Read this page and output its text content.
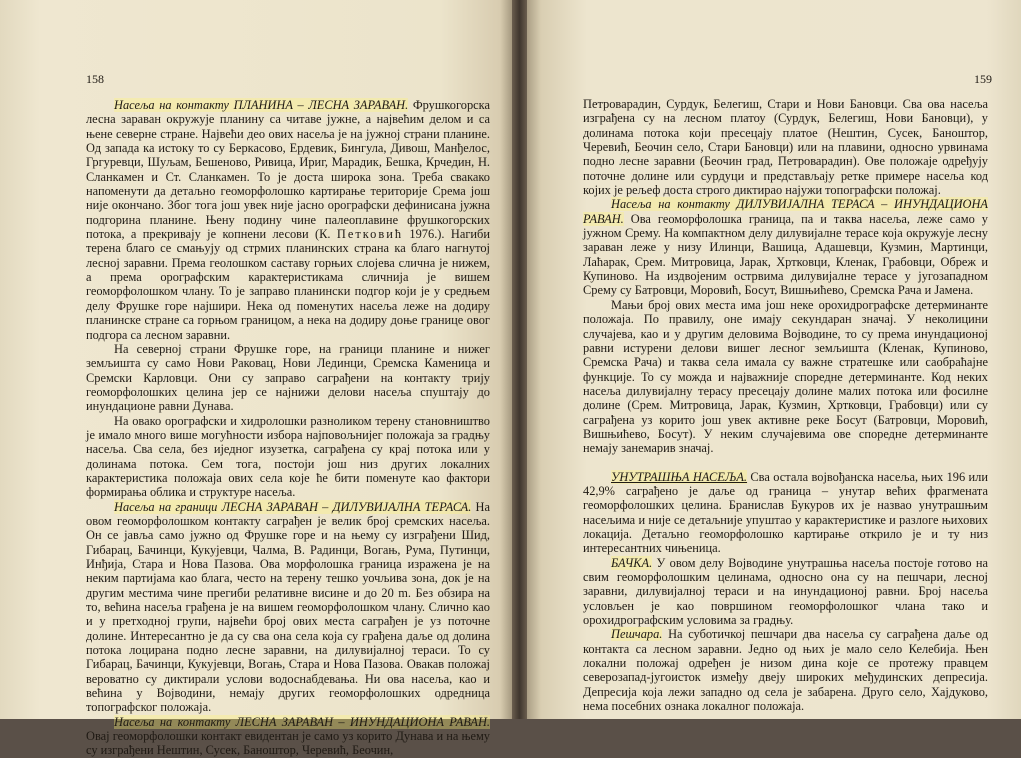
158

Насеља на контакту ПЛАНИНА – ЛЕСНА ЗАРАВАН. Фрушкогорска лесна зараван окружује планину са читаве јужне, а највећим делом и са њене северне стране. Највећи део ових насеља је на јужној страни планине. Од запада ка истоку то су Беркасово, Ердевик, Бингула, Дивош, Манђелос, Гргуревци, Шуљам, Бешеново, Ривица, Ириг, Марадик, Бешка, Крчедин, Н. Сланкамен и Ст. Сланкамен. То је доста широка зона. Треба свакако напоменути да детаљно геоморфолошко картирање територије Срема још није окончано. Због тога још увек није јасно орографски дефинисана јужна подгорина планине. Њену подину чине палеоплавине фрушкогорских потока, а прекривају је копнени лесови (К. Петковић 1976.). Нагиби терена благо се смањују од стрмих планинских страна ка благо нагнутој лесној заравни. Према геолошком саставу горњих слојева слична је нижем, а према орографским карактеристикама сличнија је вишем геоморфолошком члану. То је заправо планински подгор који је у средњем делу Фрушке горе најшири. Нека од поменутих насеља леже на додиру планинске стране са горњом границом, а нека на додиру доње границе овог подгора са лесном заравни.

На северној страни Фрушке горе, на граници планине и нижег земљишта су само Нови Раковац, Нови Лединци, Сремска Каменица и Сремски Карловци. Они су заправо саграђени на контакту трију геоморфолошких целина јер се најнижи делови насеља спуштају до инундационе равни Дунава.

На овако орографски и хидролошки разноликом терену становништво је имало много више могућности избора најповољнијег положаја за градњу насеља. Сва села, без иједног изузетка, саграђена су крај потока или у долинама потока. Сем тога, постоји још низ других локалних карактеристика положаја ових села које ће бити поменуте као фактори формирања облика и структуре насеља.

Насеља на граници ЛЕСНА ЗАРАВАН – ДИЛУВИЈАЛНА ТЕРАСА. На овом геоморфолошком контакту саграђен је велик број сремских насеља. Он се јавља само јужно од Фрушке горе и на њему су изграђени Шид, Гибарац, Бачинци, Кукујевци, Чалма, В. Радинци, Вогањ, Рума, Путинци, Инђија, Стара и Нова Пазова. Ова морфолошка граница изражена је на неким партијама као блага, често на терену тешко уочљива зона, док је на другим местима чине прегиби релативне висине и до 20 m. Без обзира на то, већина насеља грађена је на вишем геоморфолошком члану. Слично као и у претходној групи, највећи број ових места саграђен је уз поточне долине. Интересантно је да су сва она села која су грађена даље од долина потока лоцирана подно лесне заравни, на дилувијалној тераси. То су Гибарац, Бачинци, Кукујевци, Вогањ, Стара и Нова Пазова. Овакав положај вероватно су диктирали услови водоснабдевања. Ни ова насеља, као и већина у Војводини, немају других геоморфолошких одредница топографског положаја.

Насеља на контакту ЛЕСНА ЗАРАВАН – ИНУНДАЦИОНА РАВАН. Овај геоморфолошки контакт евидентан је само уз корито Дунава и на њему су изграђени Нештин, Сусек, Баноштор, Черевић, Беочин,

159

Петроварадин, Сурдук, Белегиш, Стари и Нови Бановци. Сва ова насеља изграђена су на лесном платоу (Сурдук, Белегиш, Нови Бановци), у долинама потока који пресецају платое (Нештин, Сусек, Баноштор, Черевић, Беочин село, Стари Бановци) или на плавини, односно урвинама подно лесне заравни (Беочин град, Петроварадин). Ове положаје одређују поточне долине или сурдуци и представљају ретке примере насеља код којих је рељеф доста строго диктирао најужи топографски положај.

Насеља на контакту ДИЛУВИЈАЛНА ТЕРАСА – ИНУНДАЦИОНА РАВАН. Ова геоморфолошка граница, па и таква насеља, леже само у јужном Срему. На компактном делу дилувијалне терасе која окружује лесну зараван леже у низу Илинци, Вашица, Адашевци, Кузмин, Мартинци, Лаћарак, Срем. Митровица, Јарак, Хртковци, Кленак, Грабовци, Обреж и Купиново. На издвојеним острвима дилувијалне терасе у југозападном Срему су Батровци, Моровић, Босут, Вишњићево, Сремска Рача и Јамена.

Мањи број ових места има још неке орохидрографске детерминанте положаја. По правилу, оне имају секундаран значај. У неколицини случајева, као и у другим деловима Војводине, то су према инундационој равни истурени делови вишег лесног земљишта (Кленак, Купиново, Сремска Рача) и таква села имала су важне стратешке или саобраћајне функције. То су можда и најважније споредне детерминанте. Код неких насеља дилувијалну терасу пресецају долине малих потока или фосилне долине (Срем. Митровица, Јарак, Кузмин, Хртковци, Грабовци) или су саграђена уз корито још увек активне реке Босут (Батровци, Моровић, Вишњићево, Босут). У неким случајевима ове споредне детерминанте немају занемарив значај.

УНУТРАШЊА НАСЕЉА. Сва остала војвођанска насеља, њих 196 или 42,9% саграђено је даље од граница – унутар већих фрагмената геоморфолошких целина. Бранислав Букуров их је назвао унутрашњим насељима и није се детаљније упуштао у карактеристике и разлоге њихових локација. Детаљно геоморфолошко картирање открило је и ту низ интересантних чињеница.

БАЧКА. У овом делу Војводине унутрашња насеља постоје готово на свим геоморфолошким целинама, односно она су на пешчари, лесној заравни, дилувијалној тераси и на инундационој равни. Број насеља условљен је као површином геоморфолошког члана тако и орохидрографским условима за градњу.

Пешчара. На суботичкој пешчари два насеља су саграђена даље од контакта са лесном заравни. Једно од њих је мало село Келебија. Њен локални положај одређен је низом дина које се протежу правцем северозапад-југоисток између двеју широких међудинских депресија. Депресија која лежи западно од села је забарена. Друго село, Хајдуково, нема посебних ознака локалног положаја.
